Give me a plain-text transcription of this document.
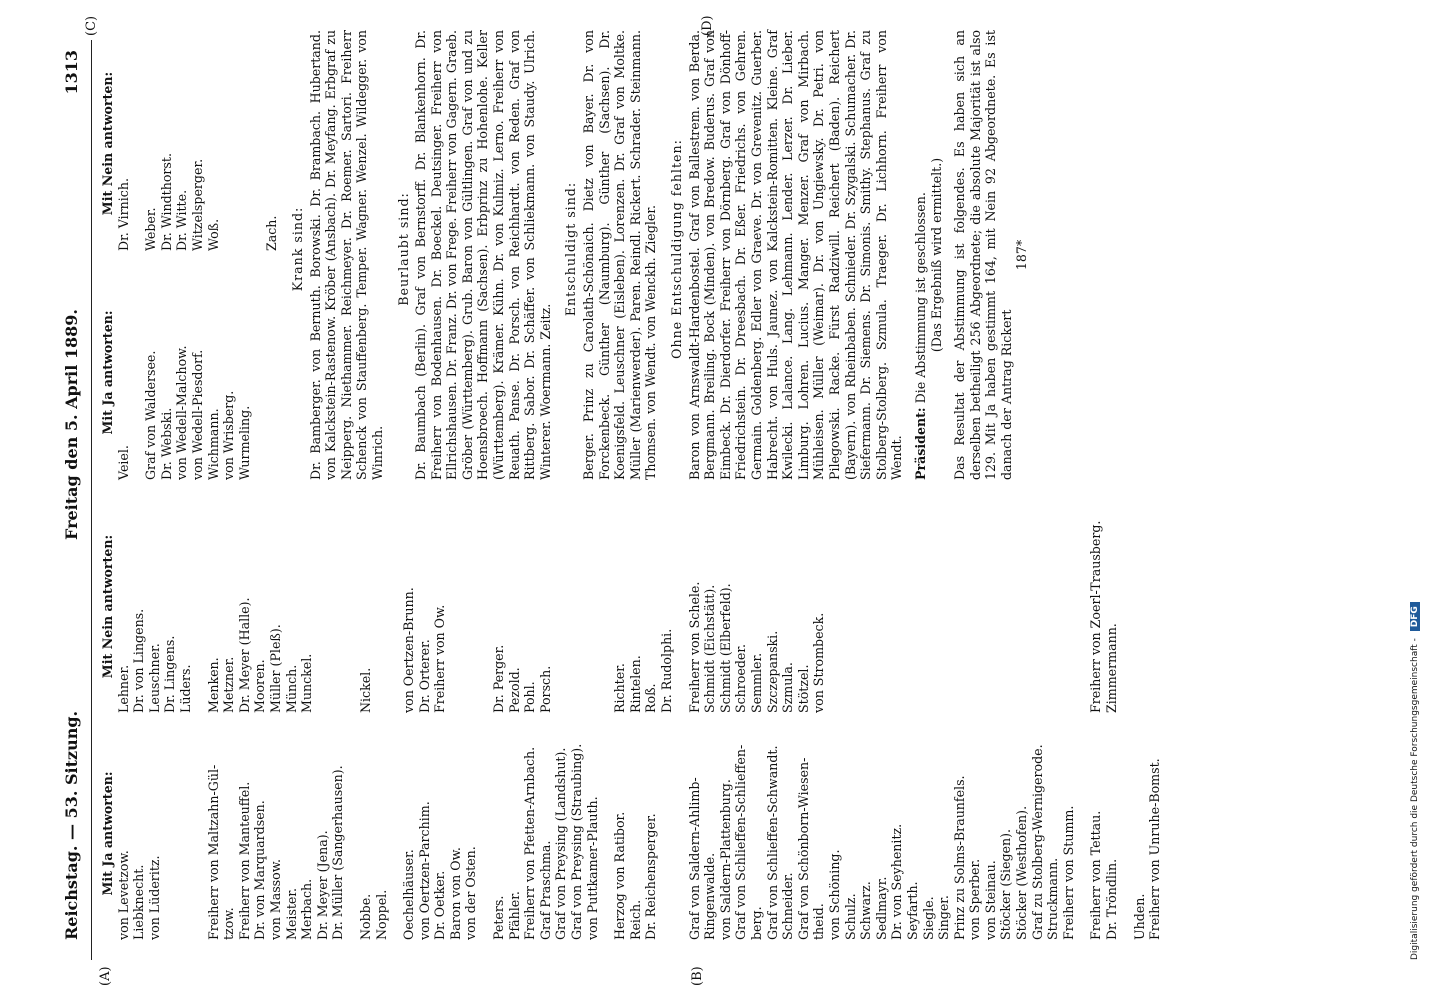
Reichstag. — 53. Sitzung.
Freitag den 5. April 1889.
1313
(A)	(B)
(C)	(D)
Mit Ja antworten:
Mit Nein antworten:
von Levetzow. Liebknecht. von Lüderitz.
Lehner. Dr. von Lingens. Leuschner. Dr. Lingens. Lüders.
Freiherr von Maltzahn-Gül- tzow. Freiherr von Manteuffel. Dr. von Marquardsen. von Massow. Meister. Merbach. Dr. Meyer (Jena). Dr. Müller (Sangerhausen).
Menken. Metzner. Dr. Meyer (Halle). Mooren. Müller (Pleß). Münch. Munckel.
Nobbe. Noppel.
Nickel.
Oechelhäuser. von Oertzen-Parchim. Dr. Oetker. Baron von Ow. von der Osten.
von Oertzen-Brunn. Dr. Orterer. Freiherr von Ow.
Peters. Pfähler. Freiherr von Pfetten-Arnbach. Graf Praschma. Graf von Preysing (Landshut). Graf von Preysing (Straubing). von Puttkamer-Plauth.
Dr. Perger. Pezold. Pohl. Porsch.
Herzog von Ratibor. Reich. Dr. Reichensperger.
Richter. Rintelen. Roß. Dr. Rudolphi.
Graf von Saldern-Ahlimb- Ringenwalde. von Saldern-Plattenburg. Graf von Schlieffen-Schlieffen- berg. Graf von Schlieffen-Schwandt. Schneider. Graf von Schönborn-Wiesen- theid. von Schöning. Schulz. Schwarz. Sedlmayr. Dr. von Seyhenitz. Seyfarth. Siegle. Singer. Prinz zu Solms-Braunfels. von Sperber. von Steinau. Stöcker (Siegen). Stöcker (Westhofen). Graf zu Stolberg-Wernigerode. Struckmann. Freiherr von Stumm.
Freiherr von Schele. Schmidt (Eichstätt). Schmidt (Elberfeld). Schroeder. Semmler. Szczepanski. Szmula. Stötzel. von Strombeck.
Freiherr von Tettau. Dr. Tröndlin.
Freiherr von Zoerl-Trausberg. Zimmermann.
Uhden. Freiherr von Unruhe-Bomst.
Mit Ja antworten:
Mit Nein antworten:
Veiel.
Dr. Virnich.
Graf von Waldersee. Dr. Webski. von Wedell-Malchow. von Wedell-Piesdorf. Wichmann. von Wrisberg. Wurmeling.
Weber. Dr. Windthorst. Dr. Witte. Witzelsperger. Woß.	Zach. Krank sind: Dr. Bamberger. von Bernuth. Borowski. Dr. Brambach. Hubertand. von Kalckstein-Rastenow. Kröber (Ansbach). Dr. Meyfang. Erbgraf zu Neipperg. Niethammer. Reichmeyer. Dr. Roemer. Sartori. Freiherr Schenck von Stauffenberg. Temper. Wagner. Wenzel. Wildegger. von Winrich.
Beurlaubt sind: Dr. Baumbach (Berlin). Graf von Bernstorff. Dr. Blankenhorn. Dr. Freiherr von Bodenhausen. Dr. Boeckel. Deutsinger. Freiherr von Ellrichshausen. Dr. Franz. Dr. von Frege. Freiherr von Gagern. Graeb. Gröber (Württemberg). Grub. Baron von Gültlingen. Graf von und zu Hoensbroech. Hoffmann (Sachsen). Erbprinz zu Hohenlohe. Keller (Württemberg). Krämer. Kühn. Dr. von Kulmiz. Lerno. Freiherr von Reuath. Panse. Dr. Porsch. von Reichhardt. von Reden. Graf von Rittberg. Sabor. Dr. Schäffer. von Schliekmann. von Staudy. Ulrich. Winterer. Woermann. Zeitz.
Entschuldigt sind: Berger. Prinz zu Carolath-Schönaich. Dietz von Bayer. Dr. von Forckenbeck. Günther (Naumburg). Günther (Sachsen). Dr. Koenigsfeld. Leuschner (Eisleben). Lorenzen. Dr. Graf von Moltke. Müller (Marienwerder). Paren. Reindl. Rickert. Schrader. Steinmann. Thomsen. von Wendt. von Wenckh. Ziegler. Ohne Entschuldigung fehlten: Baron von Arnswaldt-Hardenbostel. Graf von Ballestrem. von Berda. Bergmann. Breiling. Bock (Minden). von Bredow. Buderus. Graf von Eimbeck. Dr. Dierdorfer. Freiherr von Dörnberg. Graf von Dönhoff-Friedrichstein. Dr. Dreesbach. Dr. Eßer. Friedrichs. von Gehren. Germain. Goldenberg. Edler von Graeve. Dr. von Grevenitz. Guerber. Habrecht. von Huls. Jaunez. von Kalckstein-Romitten. Kleine. Graf Kwilecki. Lalance. Lang. Lehmann. Lender. Lerzer. Dr. Lieber. Limburg. Lohren. Lucius. Manger. Menzer. Graf von Mirbach. Mühleisen. Müller (Weimar). Dr. von Ungiewsky. Dr. Petri. von Pilegowski. Racke. Fürst Radziwill. Reichert (Baden). Reichert (Bayern). von Rheinbaben. Schnieder. Dr. Szygalski. Schumacher. Dr. Siefermann. Dr. Siemens. Dr. Simonis. Smithy. Stephanus. Graf zu Stolberg-Stolberg. Szmula. Traeger. Dr. Lichhorn. Freiherr von Wendt. Präsident: Die Abstimmung ist geschlossen. (Das Ergebniß wird ermittelt.) Das Resultat der Abstimmung ist folgendes. Es haben sich an derselben betheiligt 256 Abgeordnete; die absolute Majorität ist also 129. Mit Ja haben gestimmt 164, mit Nein 92 Abgeordnete. Es ist danach der Antrag Rickert
187*
Digitalisierung gefördert durch die Deutsche Forschungsgemeinschaft - DFG
